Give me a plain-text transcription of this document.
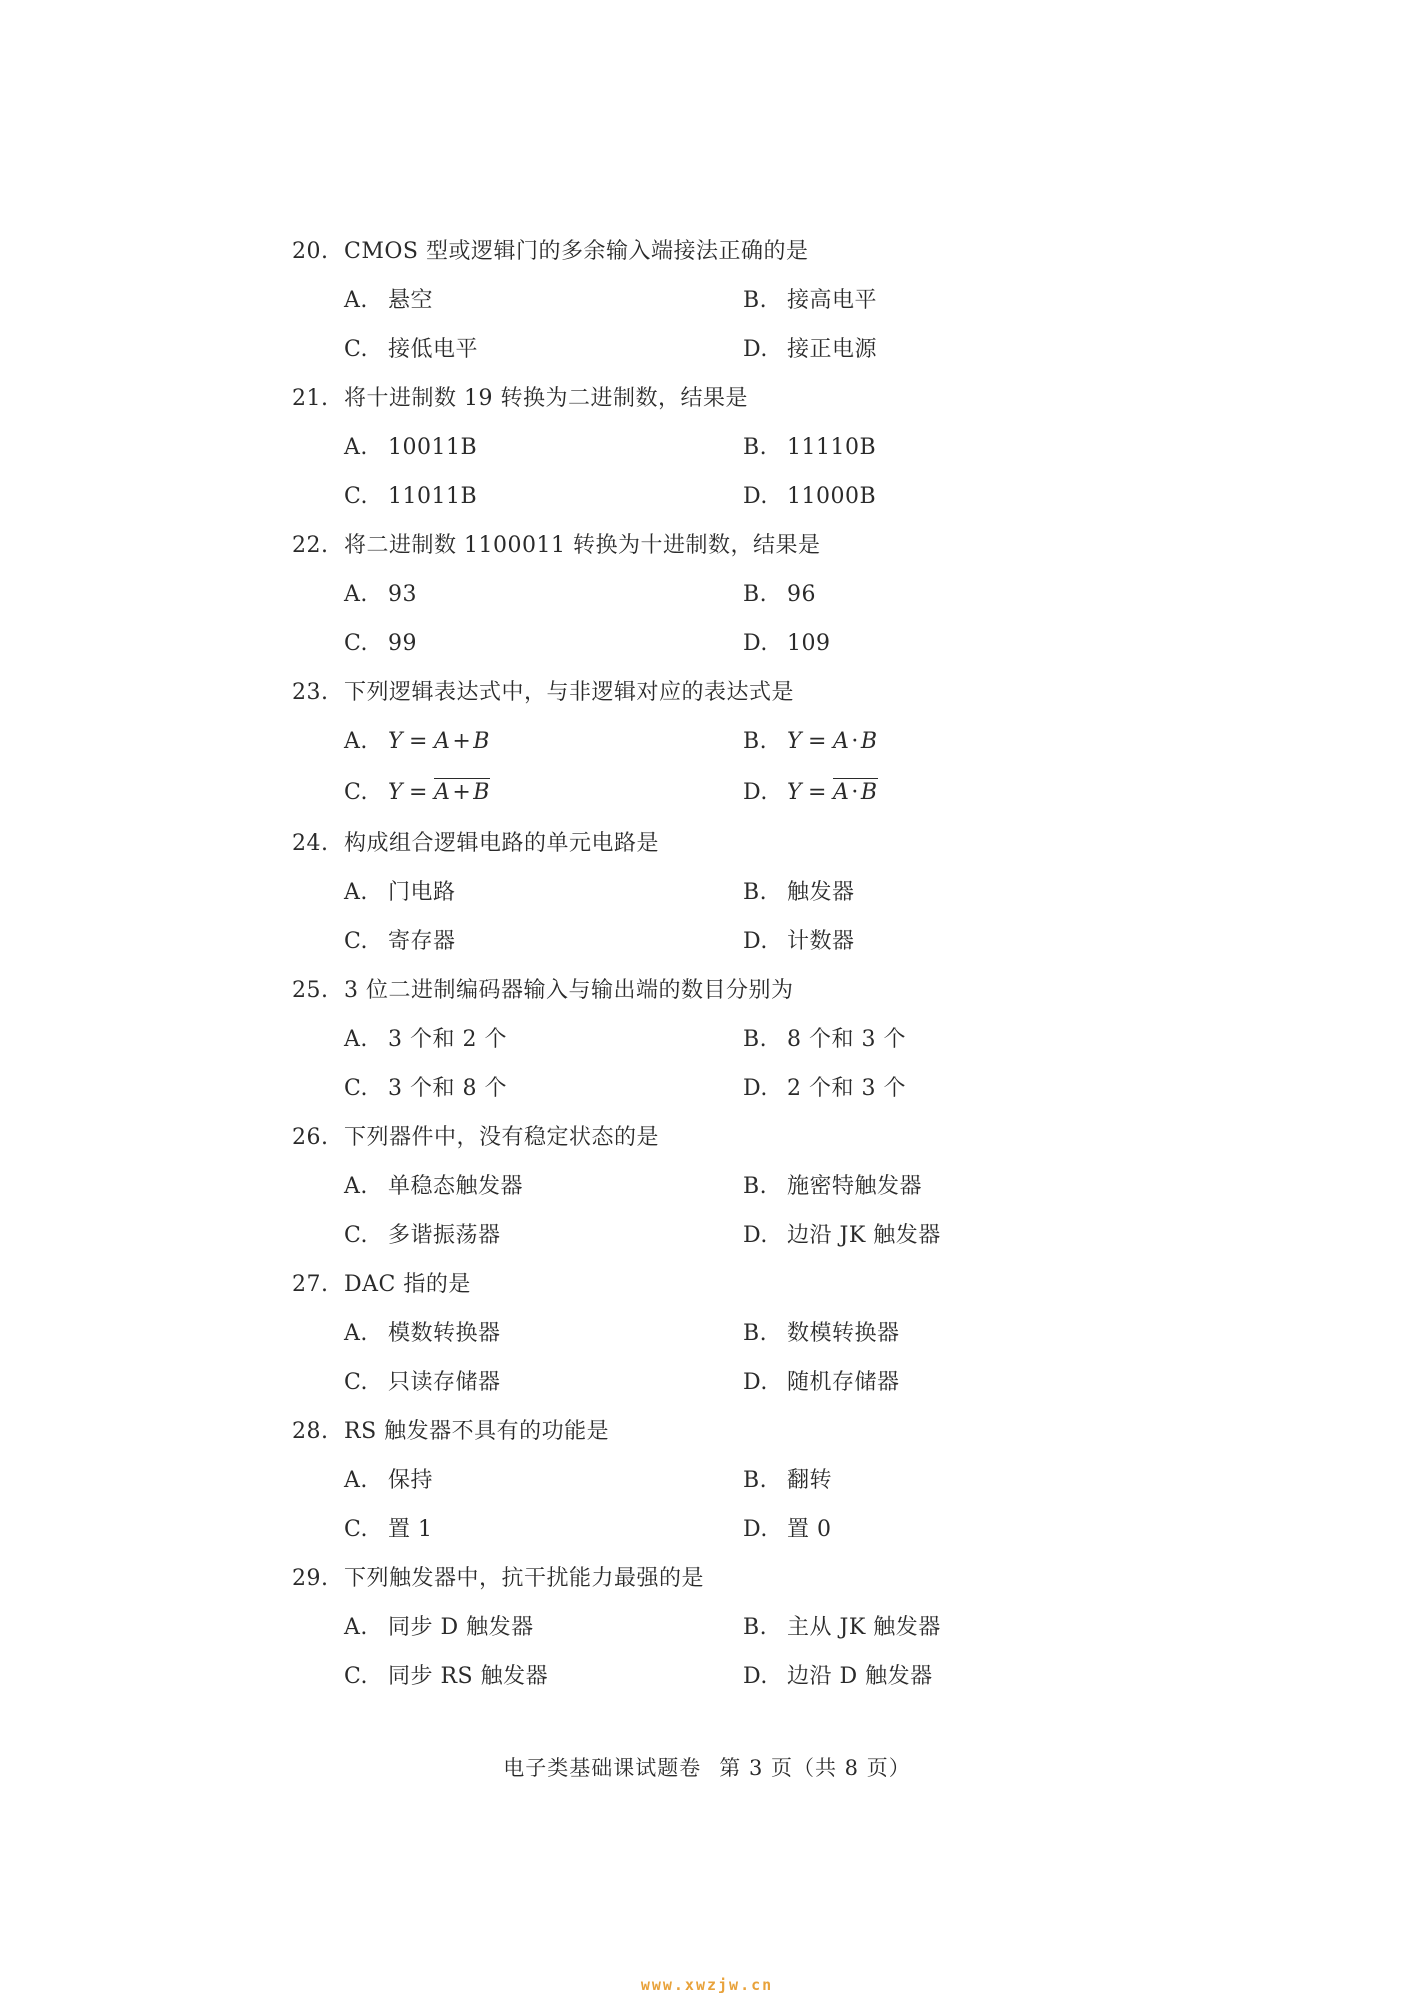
20. CMOS 型或逻辑门的多余输入端接法正确的是
A. 悬空	B. 接高电平
C. 接低电平	D. 接正电源
21. 将十进制数 19 转换为二进制数，结果是
A. 10011B	B. 11110B
C. 11011B	D. 11000B
22. 将二进制数 1100011 转换为十进制数，结果是
A. 93	B. 96
C. 99	D. 109
23. 下列逻辑表达式中，与非逻辑对应的表达式是
A. Y = A+B	B. Y = A·B
C. Y = A+B	D. Y = A·B
24. 构成组合逻辑电路的单元电路是
A. 门电路	B. 触发器
C. 寄存器	D. 计数器
25. 3 位二进制编码器输入与输出端的数目分别为
A. 3 个和 2 个	B. 8 个和 3 个
C. 3 个和 8 个	D. 2 个和 3 个
26. 下列器件中，没有稳定状态的是
A. 单稳态触发器	B. 施密特触发器
C. 多谐振荡器	D. 边沿 JK 触发器
27. DAC 指的是
A. 模数转换器	B. 数模转换器
C. 只读存储器	D. 随机存储器
28. RS 触发器不具有的功能是
A. 保持	B. 翻转
C. 置 1	D. 置 0
29. 下列触发器中，抗干扰能力最强的是
A. 同步 D 触发器	B. 主从 JK 触发器
C. 同步 RS 触发器	D. 边沿 D 触发器
电子类基础课试题卷 第 3 页（共 8 页）
www.xwzjw.cn
